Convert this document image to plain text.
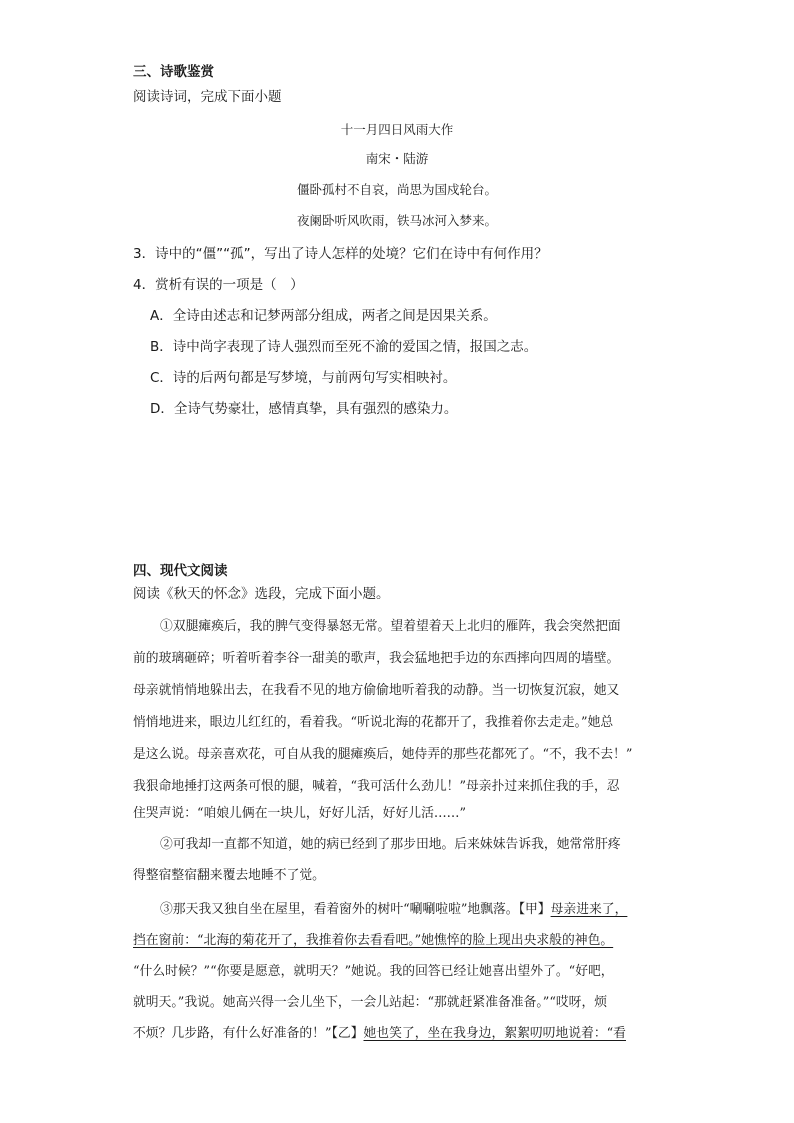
三、诗歌鉴赏
阅读诗词，完成下面小题
十一月四日风雨大作
南宋・陆游
僵卧孤村不自哀，尚思为国戍轮台。
夜阑卧听风吹雨，铁马冰河入梦来。
3．诗中的“僵”“孤”，写出了诗人怎样的处境？它们在诗中有何作用？
4．赏析有误的一项是（　）
A．全诗由述志和记梦两部分组成，两者之间是因果关系。
B．诗中尚字表现了诗人强烈而至死不渝的爱国之情，报国之志。
C．诗的后两句都是写梦境，与前两句写实相映衬。
D．全诗气势豪壮，感情真挚，具有强烈的感染力。
四、现代文阅读
阅读《秋天的怀念》选段，完成下面小题。
①双腿瘫痪后，我的脾气变得暴怒无常。望着望着天上北归的雁阵，我会突然把面
前的玻璃砸碎；听着听着李谷一甜美的歌声，我会猛地把手边的东西摔向四周的墙壁。
母亲就悄悄地躲出去，在我看不见的地方偷偷地听着我的动静。当一切恢复沉寂，她又
悄悄地进来，眼边儿红红的，看着我。“听说北海的花都开了，我推着你去走走。”她总
是这么说。母亲喜欢花，可自从我的腿瘫痪后，她侍弄的那些花都死了。“不，我不去！”
我狠命地捶打这两条可恨的腿，喊着，“我可活什么劲儿！”母亲扑过来抓住我的手，忍
住哭声说：“咱娘儿俩在一块儿，好好儿活，好好儿活……”
②可我却一直都不知道，她的病已经到了那步田地。后来妹妹告诉我，她常常肝疼
得整宿整宿翻来覆去地睡不了觉。
③那天我又独自坐在屋里，看着窗外的树叶“唰唰啦啦”地飘落。【甲】母亲进来了，
挡在窗前：“北海的菊花开了，我推着你去看看吧。”她憔悴的脸上现出央求般的神色。
“什么时候？”“你要是愿意，就明天？”她说。我的回答已经让她喜出望外了。“好吧，
就明天。”我说。她高兴得一会儿坐下，一会儿站起：“那就赶紧准备准备。”“哎呀，烦
不烦？几步路，有什么好准备的！”【乙】她也笑了，坐在我身边，絮絮叨叨地说着：“看
